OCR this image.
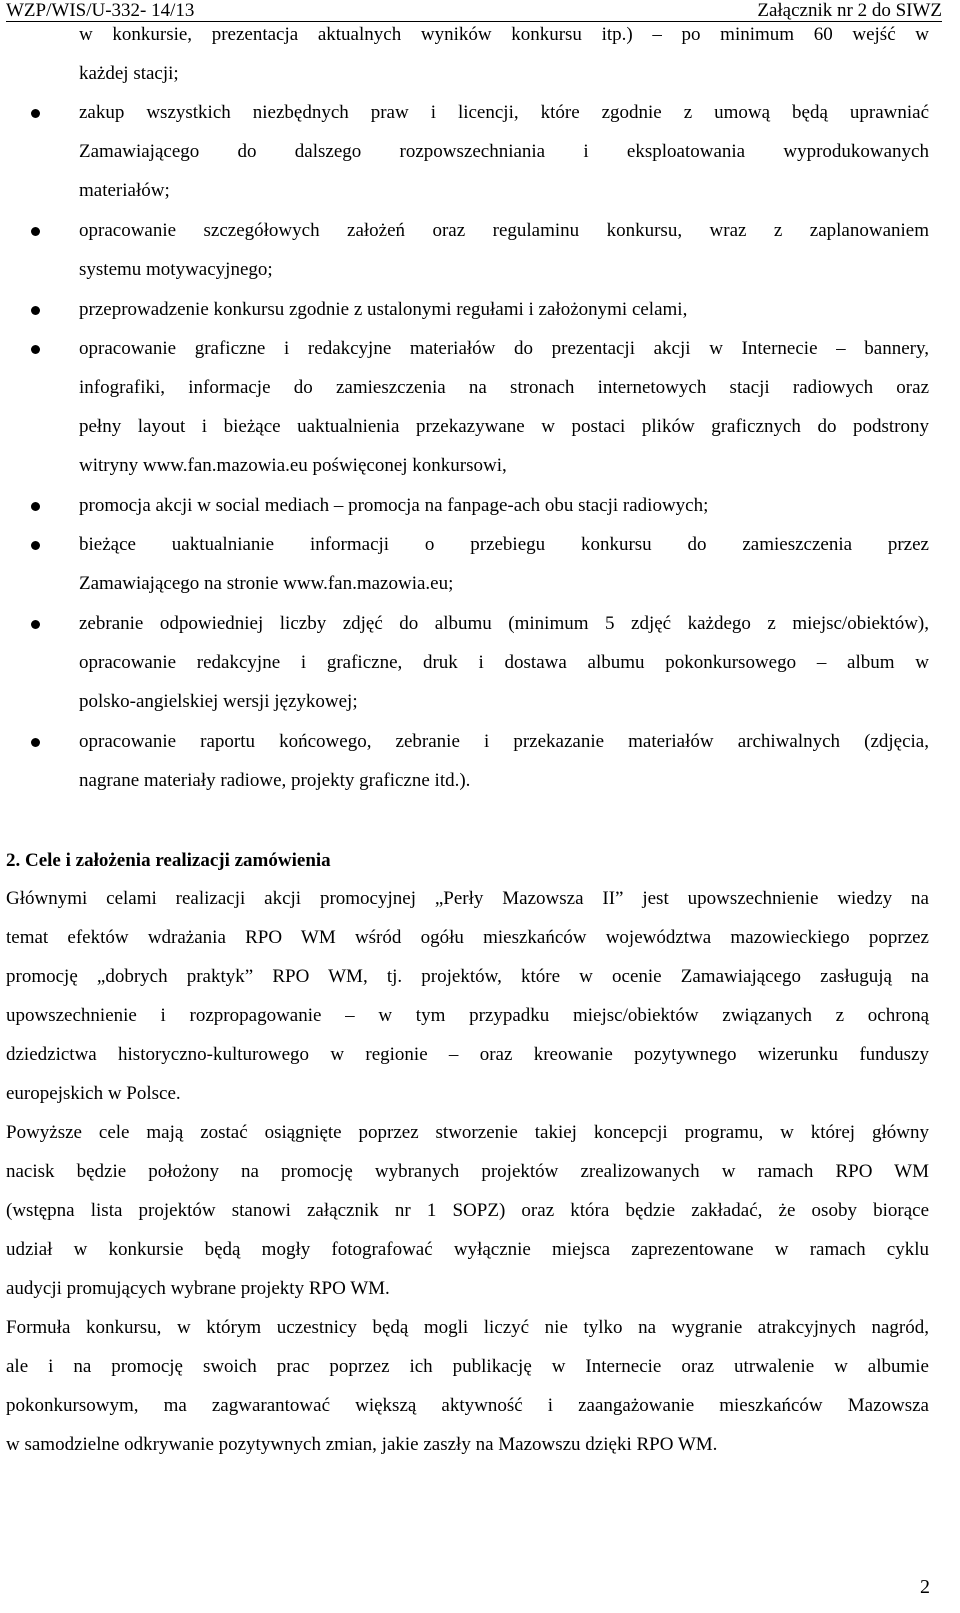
WZP/WIS/U-332- 14/13	Załącznik nr 2 do SIWZ
w konkursie, prezentacja aktualnych wyników konkursu itp.) – po minimum 60 wejść w
każdej stacji;
zakup wszystkich niezbędnych praw i licencji, które zgodnie z umową będą uprawniać
Zamawiającego do dalszego rozpowszechniania i eksploatowania wyprodukowanych
materiałów;
opracowanie szczegółowych założeń oraz regulaminu konkursu, wraz z zaplanowaniem
systemu motywacyjnego;
przeprowadzenie konkursu zgodnie z ustalonymi regułami i założonymi celami,
opracowanie graficzne i redakcyjne materiałów do prezentacji akcji w Internecie – bannery,
infografiki, informacje do zamieszczenia na stronach internetowych stacji radiowych oraz
pełny layout i bieżące uaktualnienia przekazywane w postaci plików graficznych do podstrony
witryny www.fan.mazowia.eu poświęconej konkursowi,
promocja akcji w social mediach – promocja na fanpage-ach obu stacji radiowych;
bieżące uaktualnianie informacji o przebiegu konkursu do zamieszczenia przez
Zamawiającego na stronie www.fan.mazowia.eu;
zebranie odpowiedniej liczby zdjęć do albumu (minimum 5 zdjęć każdego z miejsc/obiektów),
opracowanie redakcyjne i graficzne, druk i dostawa albumu pokonkursowego – album w
polsko-angielskiej wersji językowej;
opracowanie raportu końcowego, zebranie i przekazanie materiałów archiwalnych (zdjęcia,
nagrane materiały radiowe, projekty graficzne itd.).
2. Cele i założenia realizacji zamówienia
Głównymi celami realizacji akcji promocyjnej „Perły Mazowsza II” jest upowszechnienie wiedzy na
temat efektów wdrażania RPO WM wśród ogółu mieszkańców województwa mazowieckiego poprzez
promocję „dobrych praktyk” RPO WM, tj. projektów, które w ocenie Zamawiającego zasługują na
upowszechnienie i rozpropagowanie – w tym przypadku miejsc/obiektów związanych z ochroną
dziedzictwa historyczno-kulturowego w regionie – oraz kreowanie pozytywnego wizerunku funduszy
europejskich w Polsce.
Powyższe cele mają zostać osiągnięte poprzez stworzenie takiej koncepcji programu, w której główny
nacisk będzie położony na promocję wybranych projektów zrealizowanych w ramach RPO WM
(wstępna lista projektów stanowi załącznik nr 1 SOPZ) oraz która będzie zakładać, że osoby biorące
udział w konkursie będą mogły fotografować wyłącznie miejsca zaprezentowane w ramach cyklu
audycji promujących wybrane projekty RPO WM.
Formuła konkursu, w którym uczestnicy będą mogli liczyć nie tylko na wygranie atrakcyjnych nagród,
ale i na promocję swoich prac poprzez ich publikację w Internecie oraz utrwalenie w albumie
pokonkursowym, ma zagwarantować większą aktywność i zaangażowanie mieszkańców Mazowsza
w samodzielne odkrywanie pozytywnych zmian, jakie zaszły na Mazowszu dzięki RPO WM.
2
